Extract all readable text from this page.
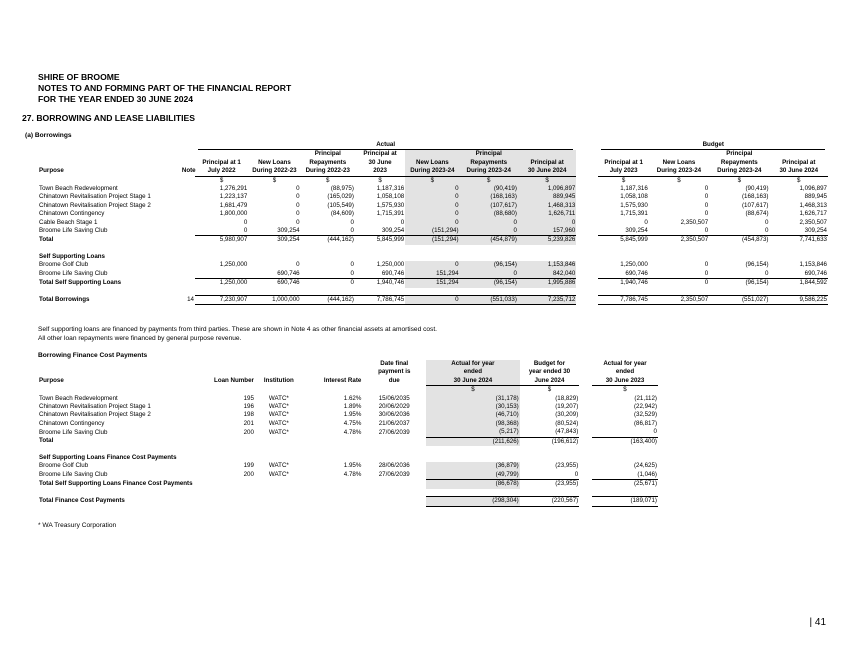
SHIRE OF BROOME
NOTES TO AND FORMING PART OF THE FINANCIAL REPORT
FOR THE YEAR ENDED 30 JUNE 2024
27. BORROWING AND LEASE LIABILITIES
(a) Borrowings

		Actual								Budget			

				Principal	Principal at		Principal					Principal	
		Principal at 1	New Loans	Repayments	30 June	New Loans	Repayments	Principal at		Principal at 1	New Loans	Repayments	Principal at
Purpose	Note	July 2022	During 2022-23	During 2022-23	2023	During 2023-24	During 2023-24	30 June 2024		July 2023	During 2023-24	During 2023-24	30 June 2024
		$	$	$	$	$	$	$		$	$	$	$
Town Beach Redevelopment		1,276,291	0	(88,975)	1,187,316	0	(90,419)	1,096,897		1,187,316	0	(90,419)	1,096,897
Chinatown Revitalisation Project Stage 1		1,223,137	0	(165,029)	1,058,108	0	(168,163)	889,945		1,058,108	0	(168,163)	889,945
Chinatown Revitalisation Project Stage 2		1,681,479	0	(105,549)	1,575,930	0	(107,617)	1,468,313		1,575,930	0	(107,617)	1,468,313
Chinatown Contingency		1,800,000	0	(84,609)	1,715,391	0	(88,680)	1,626,711		1,715,391	0	(88,674)	1,626,717
Cable Beach Stage 1		0	0	0	0	0	0	0		0	2,350,507	0	2,350,507
Broome Life Saving Club		0	309,254	0	309,254	(151,294)	0	157,960		309,254	0	0	309,254
Total		5,980,907	309,254	(444,162)	5,845,999	(151,294)	(454,879)	5,239,826		5,845,999	2,350,507	(454,873)	7,741,633

Self Supporting Loans													
Broome Golf Club		1,250,000	0	0	1,250,000	0	(96,154)	1,153,846		1,250,000	0	(96,154)	1,153,846
Broome Life Saving Club			690,746	0	690,746	151,294	0	842,040		690,746	0	0	690,746
Total Self Supporting Loans		1,250,000	690,746	0	1,940,746	151,294	(96,154)	1,995,886		1,940,746	0	(96,154)	1,844,592

Total Borrowings	14	7,230,907	1,000,000	(444,162)	7,786,745	0	(551,033)	7,235,712		7,786,745	2,350,507	(551,027)	9,586,225
Self supporting loans are financed by payments from third parties. These are shown in Note 4 as other financial assets at amortised cost.
All other loan repayments were financed by general purpose revenue.
Borrowing Finance Cost Payments
				Date final	Actual for year	Budget for		Actual for year
				payment is	ended	year ended 30		ended
Purpose	Loan Number	Institution	Interest Rate	due	30 June 2024	June 2024		30 June 2023
					$	$		$
Town Beach Redevelopment	195	WATC*	1.62%	15/06/2035	(31,178)	(18,829)		(21,112)
Chinatown Revitalisation Project Stage 1	196	WATC*	1.89%	20/06/2029	(30,153)	(19,207)		(22,942)
Chinatown Revitalisation Project Stage 2	198	WATC*	1.95%	30/06/2036	(46,710)	(30,209)		(32,529)
Chinatown Contingency	201	WATC*	4.75%	21/06/2037	(98,368)	(80,524)		(86,817)
Broome Life Saving Club	200	WATC*	4.78%	27/06/2039	(5,217)	(47,843)		0
Total					(211,626)	(196,612)		(163,400)

Self Supporting Loans Finance Cost Payments								
Broome Golf Club	199	WATC*	1.95%	28/06/2036	(36,879)	(23,955)		(24,625)
Broome Life Saving Club	200	WATC*	4.78%	27/06/2039	(49,799)	0		(1,046)
Total Self Supporting Loans Finance Cost Payments					(86,678)	(23,955)		(25,671)

Total Finance Cost Payments					(298,304)	(220,567)		(189,071)
* WA Treasury Corporation
| 41
